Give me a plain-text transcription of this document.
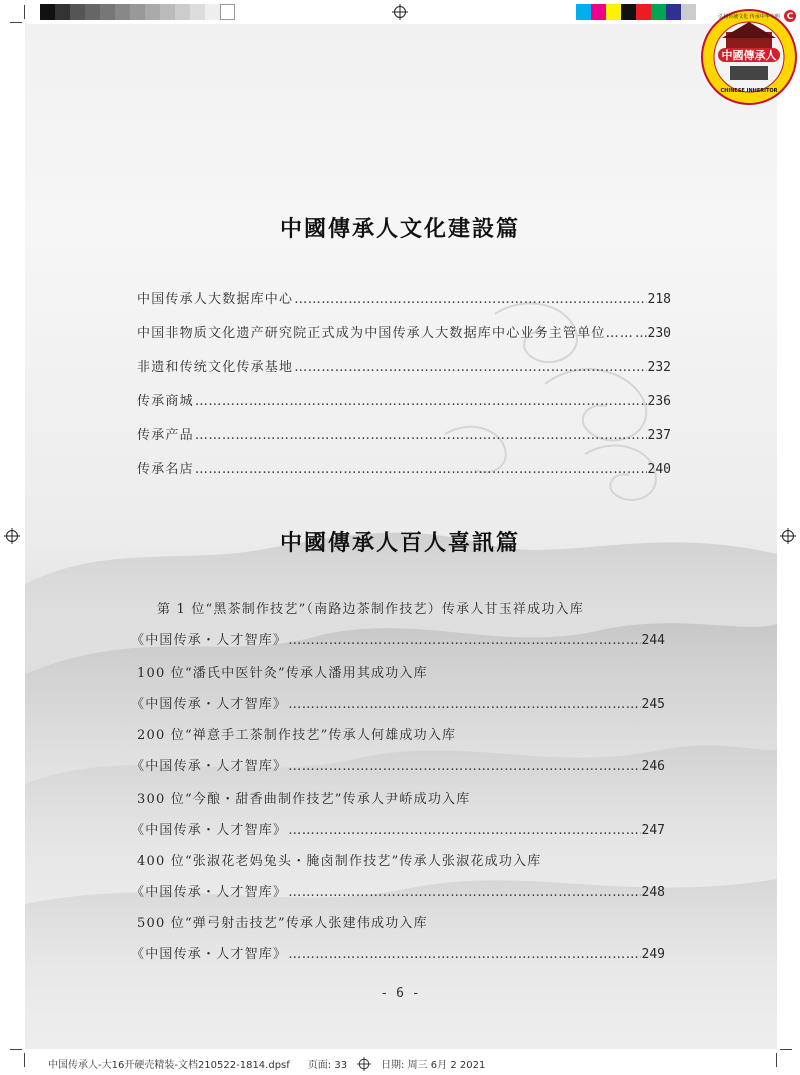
中國傳承人
CHINESE INHERITOR
弘扬传统文化 传承中华文明 C
中國傳承人文化建設篇
中国传承人大数据库中心 …………………………………………………………………………………………………………………………………………………………………………………………	218
中国非物质文化遗产研究院正式成为中国传承人大数据库中心业务主管单位…… ………………………………………………………………………………………………………………………………………………………………………………………… 230
非遗和传统文化传承基地 …………………………………………………………………………………………………………………………………………………………………………………………	232
传承商城 …………………………………………………………………………………………………………………………………………………………………………………………	236
传承产品 …………………………………………………………………………………………………………………………………………………………………………………………	237
传承名店 …………………………………………………………………………………………………………………………………………………………………………………………	240
中國傳承人百人喜訊篇
第 1 位“黑茶制作技艺”（南路边茶制作技艺）传承人甘玉祥成功入库
《中国传承・人才智库》 …………………………………………………………………………………………………………………………………………………………………………………………	244
100 位“潘氏中医针灸”传承人潘用其成功入库
《中国传承・人才智库》 …………………………………………………………………………………………………………………………………………………………………………………………	245
200 位“禅意手工茶制作技艺”传承人何雄成功入库
《中国传承・人才智库》 …………………………………………………………………………………………………………………………………………………………………………………………	246
300 位“今酿・甜香曲制作技艺”传承人尹峤成功入库
《中国传承・人才智库》 …………………………………………………………………………………………………………………………………………………………………………………………	247
400 位“张淑花老妈兔头・腌卤制作技艺”传承人张淑花成功入库
《中国传承・人才智库》 …………………………………………………………………………………………………………………………………………………………………………………………	248
500 位“弹弓射击技艺”传承人张建伟成功入库
《中国传承・人才智库》 …………………………………………………………………………………………………………………………………………………………………………………………	249
- 6 -
中国传承人-大16开硬壳精装-文档210522-1814.dpsf 页面: 33	日期: 周三 6月 2 2021
